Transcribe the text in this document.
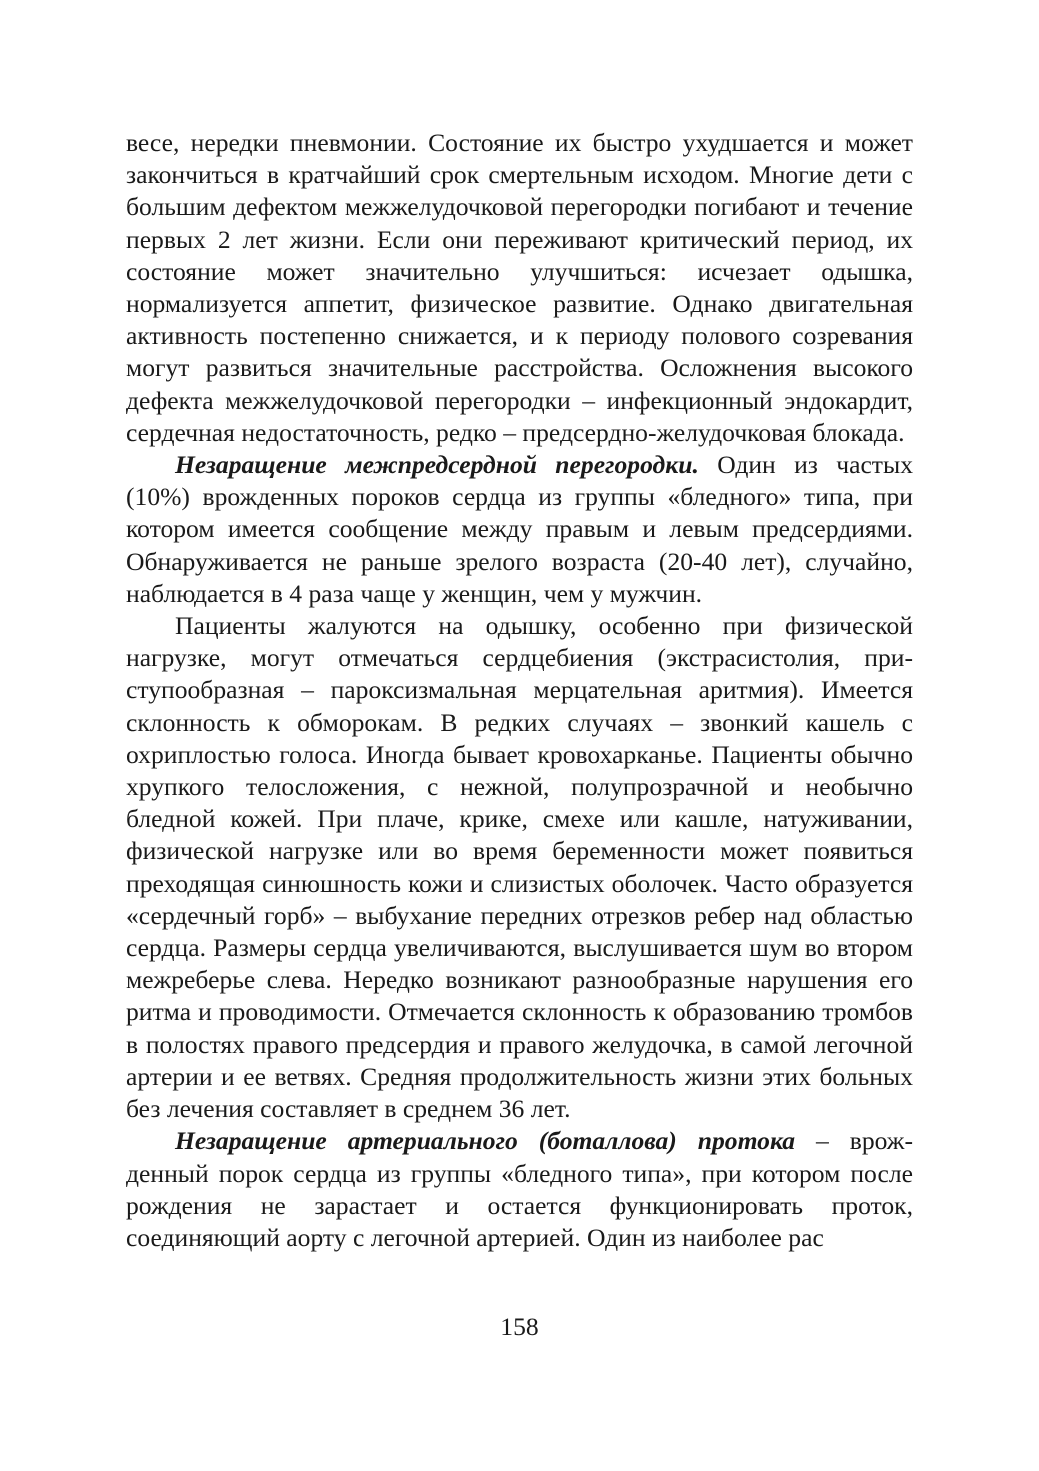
весе, нередки пневмонии. Состояние их быстро ухудшается и может закончиться в кратчайший срок смертельным исходом. Многие дети с большим дефектом межжелудочковой перегородки погибают и течение первых 2 лет жизни. Если они переживают критический период, их состояние может значительно улучшиться: исчезает одышка, нормализуется аппетит, физическое развитие. Однако двигательная активность постепенно снижается, и к периоду полового созревания могут развиться значительные расстройства. Осложнения высокого дефекта межжелудочковой перегородки – инфекционный эндокардит, сердечная недостаточность, редко – предсердно-желудочковая блокада.

Незаращение межпредсердной перегородки. Один из частых (10%) врожденных пороков сердца из группы «бледного» типа, при котором имеется сообщение между правым и левым предсердиями. Обнаруживается не раньше зрелого возраста (20-40 лет), случайно, наблюдается в 4 раза чаще у женщин, чем у мужчин.

Пациенты жалуются на одышку, особенно при физической нагрузке, могут отмечаться сердцебиения (экстрасистолия, приступообразная – пароксизмальная мерцательная аритмия). Имеется склонность к обморокам. В редких случаях – звонкий кашель с охриплостью голоса. Иногда бывает кровохарканье. Пациенты обычно хрупкого телосложения, с нежной, полупрозрачной и необычно бледной кожей. При плаче, крике, смехе или кашле, натуживании, физической нагрузке или во время беременности может появиться преходящая синюшность кожи и слизистых оболочек. Часто образуется «сердечный горб» – выбухание передних отрезков ребер над областью сердца. Размеры сердца увеличиваются, выслушивается шум во втором межреберье слева. Нередко возникают разнообразные нарушения его ритма и проводимости. Отмечается склонность к образованию тромбов в полостях правого предсердия и правого желудочка, в самой легочной артерии и ее ветвях. Средняя продолжительность жизни этих больных без лечения составляет в среднем 36 лет.

Незаращение артериального (боталлова) протока – врожденный порок сердца из группы «бледного типа», при котором после рождения не зарастает и остается функционировать проток, соединяющий аорту с легочной артерией. Один из наиболее рас

158
